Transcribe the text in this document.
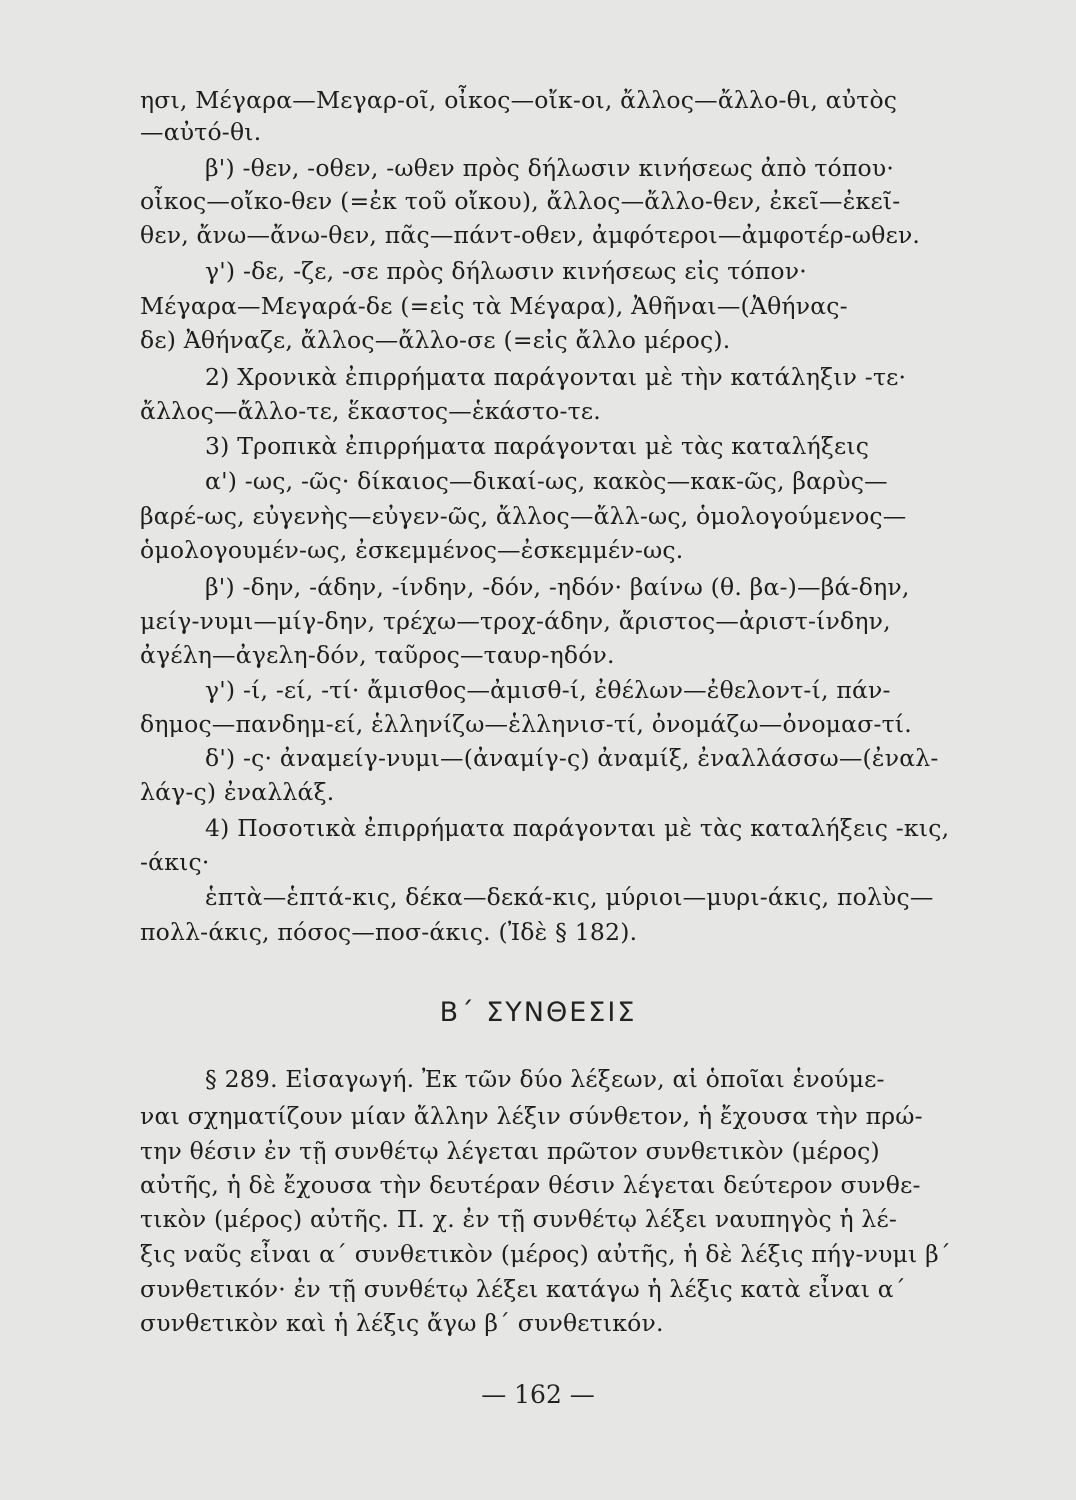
ησι, Μέγαρα—Μεγαρ-οῖ, οἶκος—οἴκ-οι, ἄλλος—ἄλλο-θι, αὐτὸς
—αὐτό-θι.
β') -θεν, -οθεν, -ωθεν πρὸς δήλωσιν κινήσεως ἀπὸ τόπου·
οἶκος—οἴκο-θεν (=ἐκ τοῦ οἴκου), ἄλλος—ἄλλο-θεν, ἐκεῖ—ἐκεῖ-
θεν, ἄνω—ἄνω-θεν, πᾶς—πάντ-οθεν, ἀμφότεροι—ἀμφοτέρ-ωθεν.
γ') -δε, -ζε, -σε πρὸς δήλωσιν κινήσεως εἰς τόπον·
Μέγαρα—Μεγαρά-δε (=εἰς τὰ Μέγαρα), Ἀθῆναι—(Ἀθήνας-
δε) Ἀθήναζε, ἄλλος—ἄλλο-σε (=εἰς ἄλλο μέρος).
2) Χρονικὰ ἐπιρρήματα παράγονται μὲ τὴν κατάληξιν -τε·
ἄλλος—ἄλλο-τε, ἕκαστος—ἑκάστο-τε.
3) Τροπικὰ ἐπιρρήματα παράγονται μὲ τὰς καταλήξεις
α') -ως, -ῶς· δίκαιος—δικαί-ως, κακὸς—κακ-ῶς, βαρὺς—
βαρέ-ως, εὐγενὴς—εὐγεν-ῶς, ἄλλος—ἄλλ-ως, ὁμολογούμενος—
ὁμολογουμέν-ως, ἐσκεμμένος—ἐσκεμμέν-ως.
β') -δην, -άδην, -ίνδην, -δόν, -ηδόν· βαίνω (θ. βα-)—βά-δην,
μείγ-νυμι—μίγ-δην, τρέχω—τροχ-άδην, ἄριστος—ἀριστ-ίνδην,
ἀγέλη—ἀγελη-δόν, ταῦρος—ταυρ-ηδόν.
γ') -ί, -εί, -τί· ἄμισθος—ἀμισθ-ί, ἐθέλων—ἐθελοντ-ί, πάν-
δημος—πανδημ-εί, ἑλληνίζω—ἑλληνισ-τί, ὀνομάζω—ὀνομασ-τί.
δ') -ς· ἀναμείγ-νυμι—(ἀναμίγ-ς) ἀναμίξ, ἐναλλάσσω—(ἐναλ-
λάγ-ς) ἐναλλάξ.
4) Ποσοτικὰ ἐπιρρήματα παράγονται μὲ τὰς καταλήξεις -κις,
-άκις·
ἑπτὰ—ἑπτά-κις, δέκα—δεκά-κις, μύριοι—μυρι-άκις, πολὺς—
πολλ-άκις, πόσος—ποσ-άκις. (Ἰδὲ § 182).
Β΄ ΣΥΝΘΕΣΙΣ
§ 289. Εἰσαγωγή. Ἐκ τῶν δύο λέξεων, αἱ ὁποῖαι ἑνούμε-
ναι σχηματίζουν μίαν ἄλλην λέξιν σύνθετον, ἡ ἔχουσα τὴν πρώ-
την θέσιν ἐν τῇ συνθέτῳ λέγεται πρῶτον συνθετικὸν (μέρος)
αὐτῆς, ἡ δὲ ἔχουσα τὴν δευτέραν θέσιν λέγεται δεύτερον συνθε-
τικὸν (μέρος) αὐτῆς. Π. χ. ἐν τῇ συνθέτῳ λέξει ναυπηγὸς ἡ λέ-
ξις ναῦς εἶναι α΄ συνθετικὸν (μέρος) αὐτῆς, ἡ δὲ λέξις πήγ-νυμι β΄
συνθετικόν· ἐν τῇ συνθέτῳ λέξει κατάγω ἡ λέξις κατὰ εἶναι α΄
συνθετικὸν καὶ ἡ λέξις ἄγω β΄ συνθετικόν.
— 162 —
